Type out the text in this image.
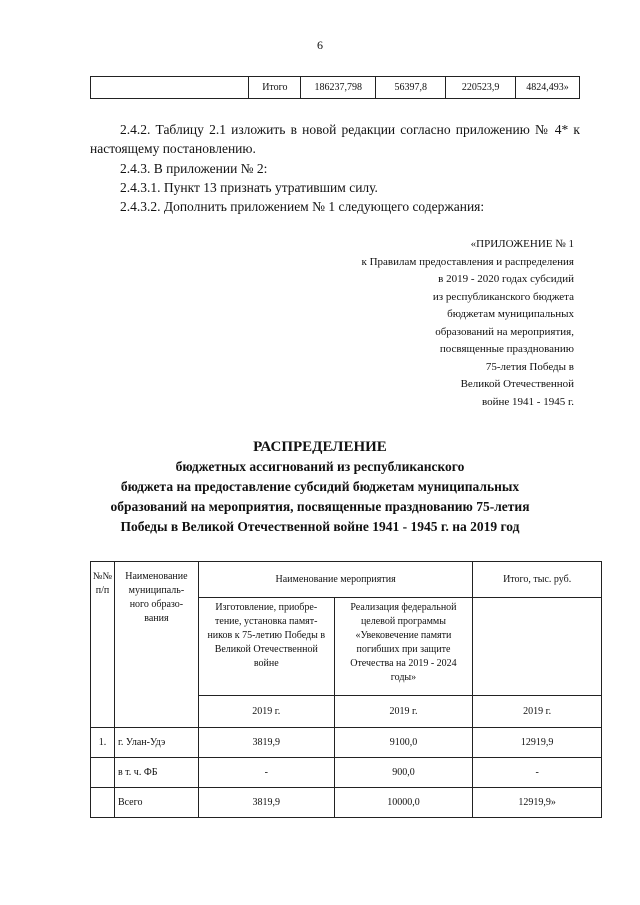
6
	Итого	186237,798	56397,8	220523,9	4824,493»
2.4.2. Таблицу 2.1 изложить в новой редакции согласно приложению № 4* к настоящему постановлению.
2.4.3. В приложении № 2:
2.4.3.1. Пункт 13 признать утратившим силу.
2.4.3.2. Дополнить приложением № 1 следующего содержания:
«ПРИЛОЖЕНИЕ № 1
к Правилам предоставления и распределения
в 2019 - 2020 годах субсидий
из республиканского бюджета
бюджетам муниципальных
образований на мероприятия,
посвященные празднованию
75-летия Победы в
Великой Отечественной
войне 1941 - 1945 г.
РАСПРЕДЕЛЕНИЕ
бюджетных ассигнований из республиканского
бюджета на предоставление субсидий бюджетам муниципальных
образований на мероприятия, посвященные празднованию 75-летия
Победы в Великой Отечественной войне 1941 - 1945 г. на 2019 год
№№ п/п	Наименование муниципаль- ного образо- вания	Наименование мероприятия		Итого, тыс. руб.
		Изготовление, приобре- тение, установка памят- ников к 75-летию Победы в Великой Отечественной войне	Реализация федеральной целевой программы «Увековечение памяти погибших при защите Отечества на 2019 - 2024 годы»	
		2019 г.	2019 г.	2019 г.
1.	г. Улан-Удэ	3819,9	9100,0	12919,9
	в т. ч. ФБ	-	900,0	-
	Всего	3819,9	10000,0	12919,9»
